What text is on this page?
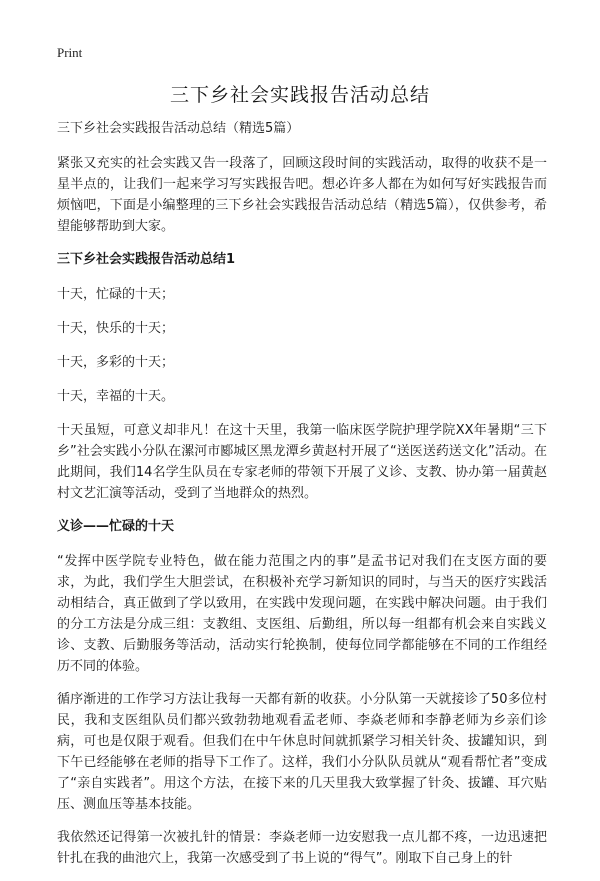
Print
三下乡社会实践报告活动总结

三下乡社会实践报告活动总结（精选5篇）

紧张又充实的社会实践又告一段落了，回顾这段时间的实践活动，取得的收获不是一星半点的，让我们一起来学习写实践报告吧。想必许多人都在为如何写好实践报告而烦恼吧，下面是小编整理的三下乡社会实践报告活动总结（精选5篇），仅供参考，希望能够帮助到大家。

三下乡社会实践报告活动总结1

十天，忙碌的十天；

十天，快乐的十天；

十天，多彩的十天；

十天，幸福的十天。

十天虽短，可意义却非凡！在这十天里，我第一临床医学院护理学院XX年暑期“三下乡”社会实践小分队在漯河市郾城区黑龙潭乡黄赵村开展了“送医送药送文化”活动。在此期间，我们14名学生队员在专家老师的带领下开展了义诊、支教、协办第一届黄赵村文艺汇演等活动，受到了当地群众的热烈。

义诊——忙碌的十天

“发挥中医学院专业特色，做在能力范围之内的事”是孟书记对我们在支医方面的要求，为此，我们学生大胆尝试，在积极补充学习新知识的同时，与当天的医疗实践活动相结合，真正做到了学以致用，在实践中发现问题，在实践中解决问题。由于我们的分工方法是分成三组：支教组、支医组、后勤组，所以每一组都有机会来自实践义诊、支教、后勤服务等活动，活动实行轮换制，使每位同学都能够在不同的工作组经历不同的体验。

循序渐进的工作学习方法让我每一天都有新的收获。小分队第一天就接诊了50多位村民，我和支医组队员们都兴致勃勃地观看孟老师、李焱老师和李静老师为乡亲们诊病，可也是仅限于观看。但我们在中午休息时间就抓紧学习相关针灸、拔罐知识，到下午已经能够在老师的指导下工作了。这样，我们小分队队员就从“观看帮忙者”变成了“亲自实践者”。用这个方法，在接下来的几天里我大致掌握了针灸、拔罐、耳穴贴压、测血压等基本技能。

我依然还记得第一次被扎针的情景：李焱老师一边安慰我一点儿都不疼，一边迅速把针扎在我的曲池穴上，我第一次感受到了书上说的“得气”。刚取下自己身上的针
